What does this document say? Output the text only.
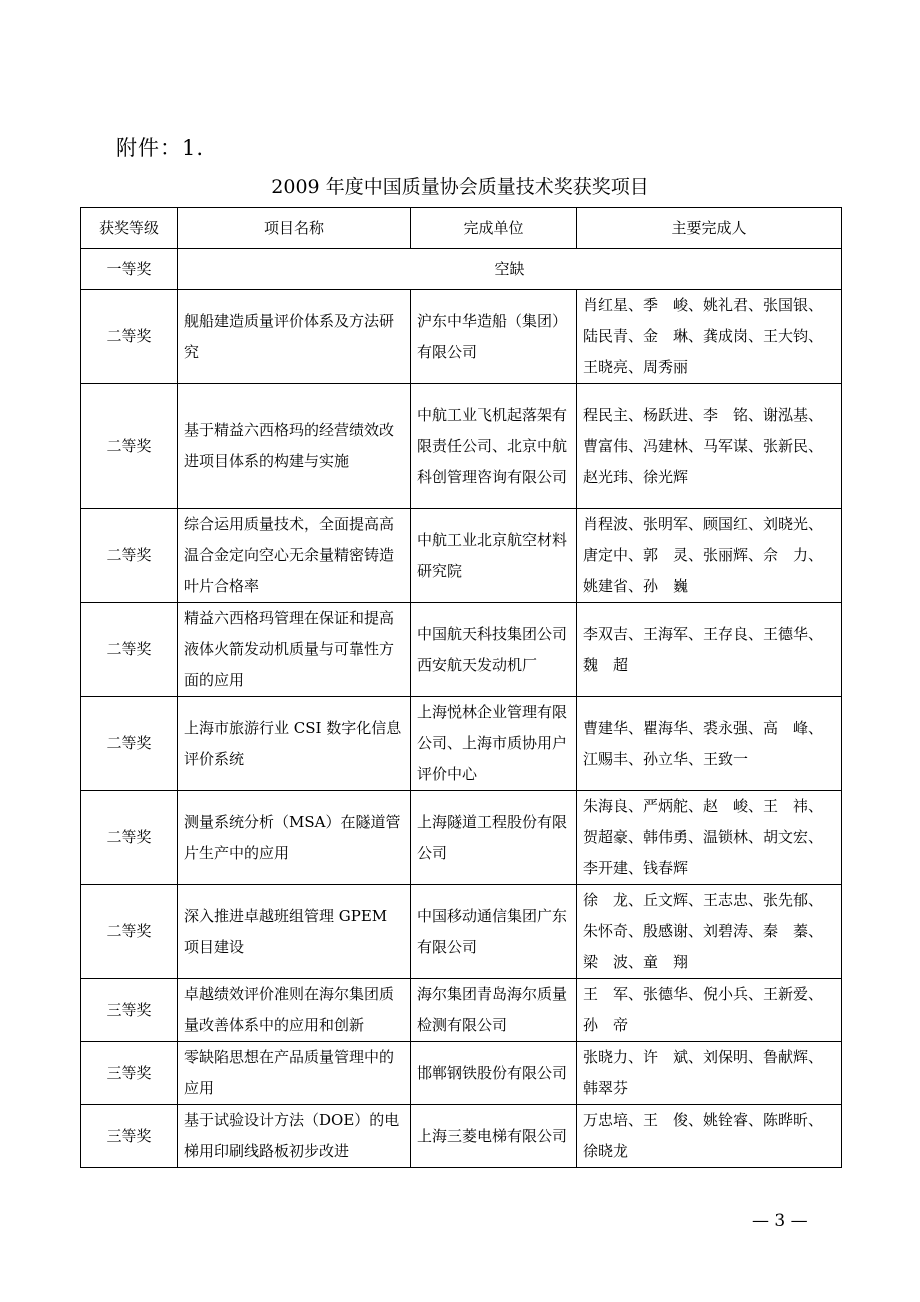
附件：1.
2009 年度中国质量协会质量技术奖获奖项目
获奖等级	项目名称	完成单位	主要完成人
一等奖	空缺		
二等奖	舰船建造质量评价体系及方法研究	沪东中华造船（集团）有限公司	肖红星、季　峻、姚礼君、张国银、陆民青、金　琳、龚成岗、王大钧、王晓亮、周秀丽
二等奖	基于精益六西格玛的经营绩效改进项目体系的构建与实施	中航工业飞机起落架有限责任公司、北京中航科创管理咨询有限公司	程民主、杨跃进、李　铭、谢泓基、曹富伟、冯建林、马军谋、张新民、赵光玮、徐光辉
二等奖	综合运用质量技术，全面提高高温合金定向空心无余量精密铸造叶片合格率	中航工业北京航空材料研究院	肖程波、张明军、顾国红、刘晓光、唐定中、郭　灵、张丽辉、佘　力、姚建省、孙　巍
二等奖	精益六西格玛管理在保证和提高液体火箭发动机质量与可靠性方面的应用	中国航天科技集团公司西安航天发动机厂	李双吉、王海军、王存良、王德华、魏　超
二等奖	上海市旅游行业 CSI 数字化信息评价系统	上海悦林企业管理有限公司、上海市质协用户评价中心	曹建华、瞿海华、裘永强、高　峰、江赐丰、孙立华、王致一
二等奖	测量系统分析（MSA）在隧道管片生产中的应用	上海隧道工程股份有限公司	朱海良、严炳舵、赵　峻、王　祎、贺超豪、韩伟勇、温锁林、胡文宏、李开建、钱春辉
二等奖	深入推进卓越班组管理 GPEM 项目建设	中国移动通信集团广东有限公司	徐　龙、丘文辉、王志忠、张先郁、朱怀奇、殷感谢、刘碧涛、秦　蓁、梁　波、童　翔
三等奖	卓越绩效评价准则在海尔集团质量改善体系中的应用和创新	海尔集团青岛海尔质量检测有限公司	王　军、张德华、倪小兵、王新爱、孙　帝
三等奖	零缺陷思想在产品质量管理中的应用	邯郸钢铁股份有限公司	张晓力、许　斌、刘保明、鲁献辉、韩翠芬
三等奖	基于试验设计方法（DOE）的电梯用印刷线路板初步改进	上海三菱电梯有限公司	万忠培、王　俊、姚铨睿、陈晔昕、徐晓龙
— 3 —
